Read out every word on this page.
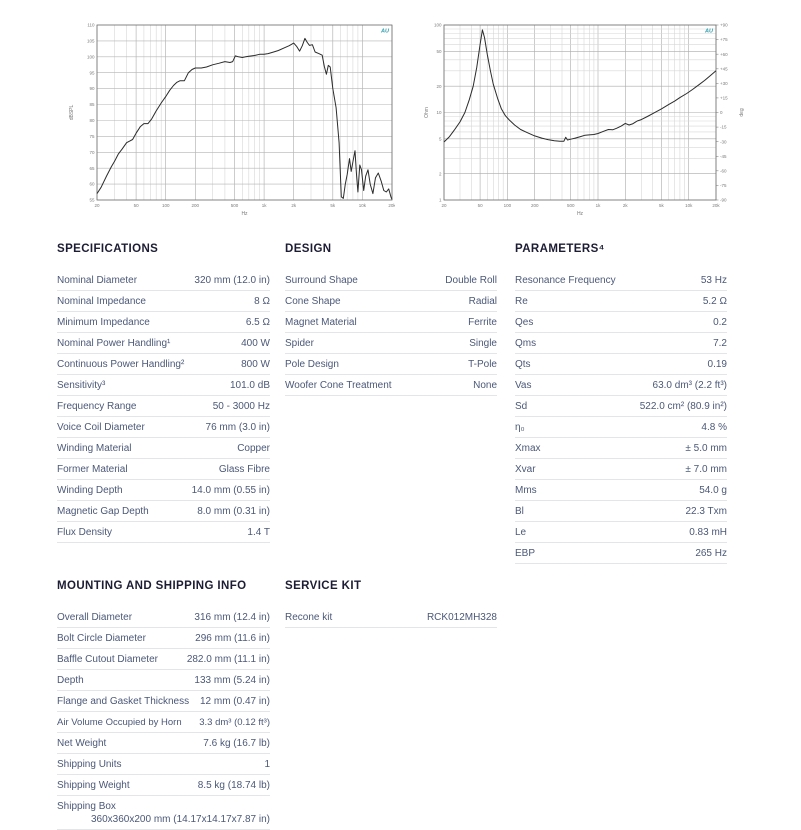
110
105
100
95
90
85
80
75
70
65
60
55
20	50	100	200	500	1k	2k	5k	10k	20k
AU
Hz
dBSPL
100
50
20
10
5
2
1
+90
+75
+60
+45
+30
+15
0
-15
-30
-45
-60
-75
-90
20	50	100	200	500	1k	2k	5k	10k	20k
AU
Hz
Ohm	deg
SPECIFICATIONS
Nominal Diameter	320 mm (12.0 in)
Nominal Impedance	8 Ω
Minimum Impedance	6.5 Ω
Nominal Power Handling¹	400 W
Continuous Power Handling²	800 W
Sensitivity³	101.0 dB
Frequency Range	50 - 3000 Hz
Voice Coil Diameter	76 mm (3.0 in)
Winding Material	Copper
Former Material	Glass Fibre
Winding Depth	14.0 mm (0.55 in)
Magnetic Gap Depth	8.0 mm (0.31 in)
Flux Density	1.4 T
DESIGN
Surround Shape	Double Roll
Cone Shape	Radial
Magnet Material	Ferrite
Spider	Single
Pole Design	T-Pole
Woofer Cone Treatment	None
PARAMETERS⁴
Resonance Frequency	53 Hz
Re	5.2 Ω
Qes	0.2
Qms	7.2
Qts	0.19
Vas	63.0 dm³ (2.2 ft³)
Sd	522.0 cm² (80.9 in²)
η₀	4.8 %
Xmax	± 5.0 mm
Xvar	± 7.0 mm
Mms	54.0 g
Bl	22.3 Txm
Le	0.83 mH
EBP	265 Hz
MOUNTING AND SHIPPING INFO
Overall Diameter	316 mm (12.4 in)
Bolt Circle Diameter	296 mm (11.6 in)
Baffle Cutout Diameter	282.0 mm (11.1 in)
Depth	133 mm (5.24 in)
Flange and Gasket Thickness	12 mm (0.47 in)
Air Volume Occupied by Horn	3.3 dm³ (0.12 ft³)
Net Weight	7.6 kg (16.7 lb)
Shipping Units	1
Shipping Weight	8.5 kg (18.74 lb)
Shipping Box
360x360x200 mm (14.17x14.17x7.87 in)
SERVICE KIT
Recone kit	RCK012MH328
